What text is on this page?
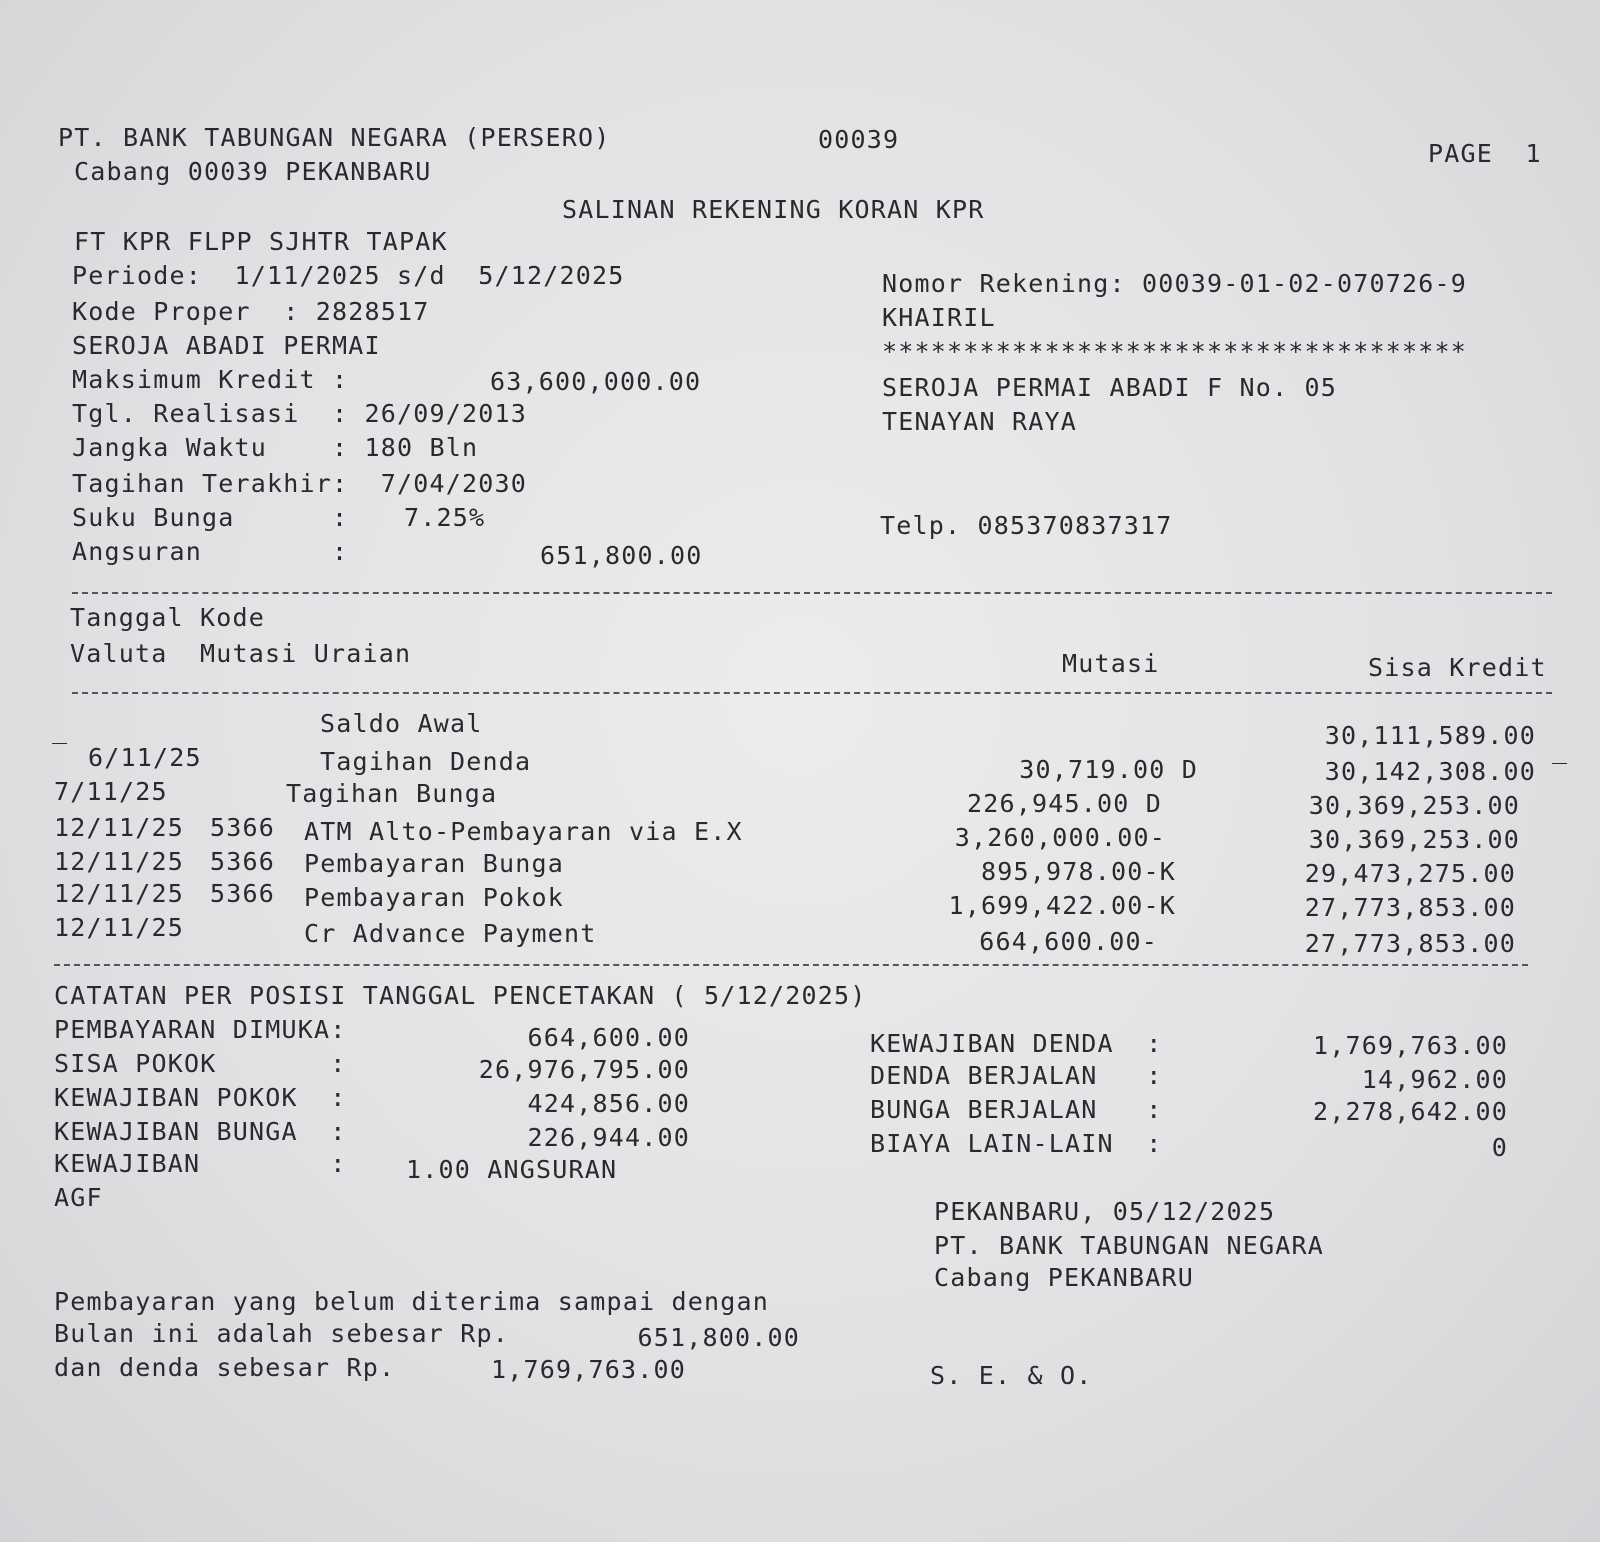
PT. BANK TABUNGAN NEGARA (PERSERO)	00039	PAGE  1
Cabang 00039 PEKANBARU
SALINAN REKENING KORAN KPR
FT KPR FLPP SJHTR TAPAK
Periode:  1/11/2025 s/d  5/12/2025
Kode Proper  : 2828517
SEROJA ABADI PERMAI
Maksimum Kredit :	63,600,000.00
Tgl. Realisasi  : 26/09/2013
Jangka Waktu    : 180 Bln
Tagihan Terakhir:  7/04/2030
Suku Bunga      : 7.25%
Angsuran        :	651,800.00
Nomor Rekening: 00039-01-02-070726-9
KHAIRIL
************************************
SEROJA PERMAI ABADI F No. 05
TENAYAN RAYA
Telp. 085370837317
Tanggal Kode
Valuta  Mutasi Uraian	Mutasi	Sisa Kredit
_
_
Saldo Awal	30,111,589.00
6/11/25	Tagihan Denda	30,719.00 D	30,142,308.00
7/11/25	Tagihan Bunga	226,945.00 D	30,369,253.00
12/11/25 5366 ATM Alto-Pembayaran via E.X	3,260,000.00-	30,369,253.00
12/11/25 5366 Pembayaran Bunga	895,978.00-K	29,473,275.00
12/11/25 5366 Pembayaran Pokok	1,699,422.00-K	27,773,853.00
12/11/25	Cr Advance Payment	664,600.00-	27,773,853.00
CATATAN PER POSISI TANGGAL PENCETAKAN ( 5/12/2025)
PEMBAYARAN DIMUKA:	664,600.00
SISA POKOK       :	26,976,795.00
KEWAJIBAN POKOK  :	424,856.00
KEWAJIBAN BUNGA  :	226,944.00
KEWAJIBAN        : 1.00 ANGSURAN
AGF
KEWAJIBAN DENDA  :	1,769,763.00
DENDA BERJALAN   :	14,962.00
BUNGA BERJALAN   :	2,278,642.00
BIAYA LAIN-LAIN  :	0
PEKANBARU, 05/12/2025
PT. BANK TABUNGAN NEGARA
Cabang PEKANBARU
S. E. & O.
Pembayaran yang belum diterima sampai dengan
Bulan ini adalah sebesar Rp.	651,800.00
dan denda sebesar Rp.	1,769,763.00
